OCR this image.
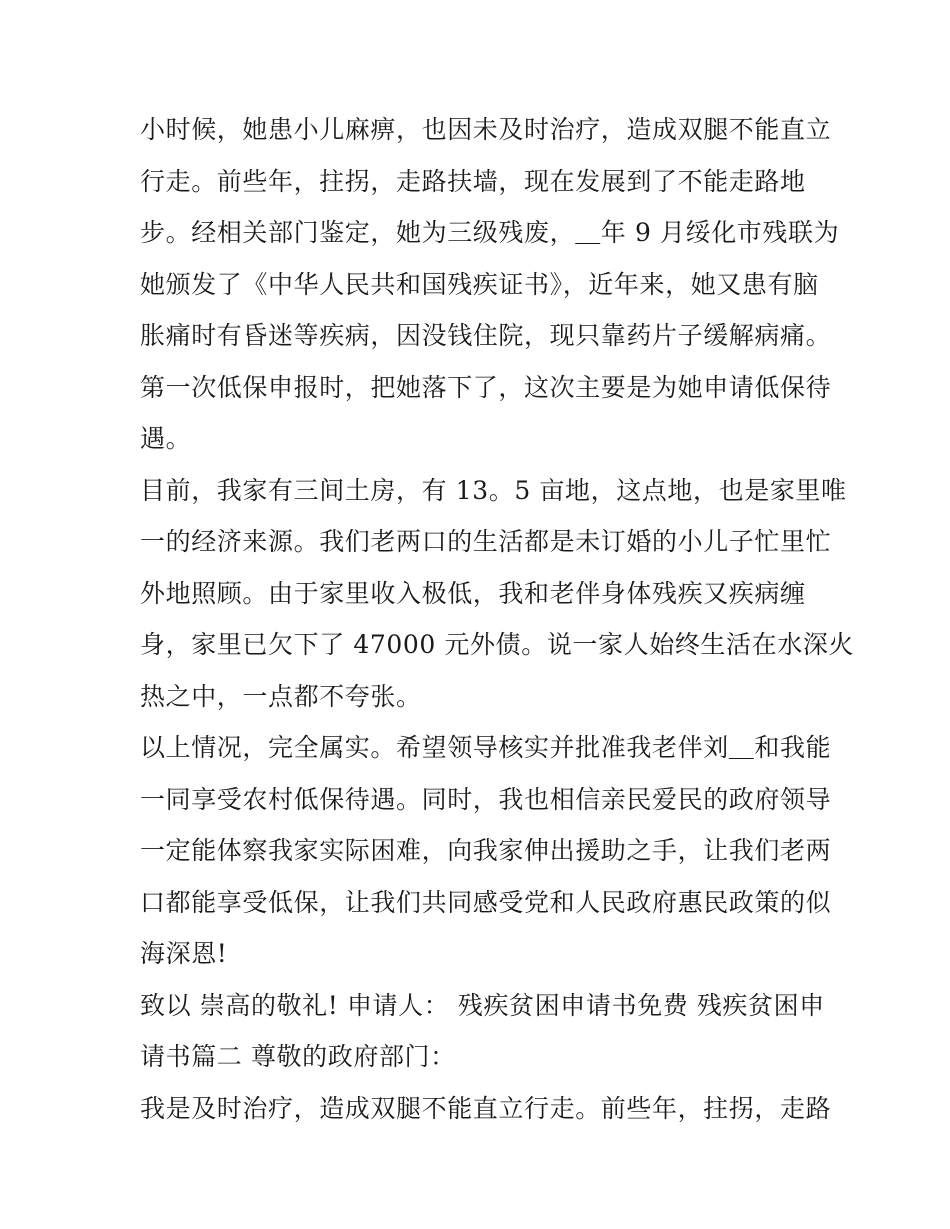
小时候，她患小儿麻痹，也因未及时治疗，造成双腿不能直立
行走。前些年，拄拐，走路扶墙，现在发展到了不能走路地
步。经相关部门鉴定，她为三级残废，＿年 9 月绥化市残联为
她颁发了《中华人民共和国残疾证书》，近年来，她又患有脑
胀痛时有昏迷等疾病，因没钱住院，现只靠药片子缓解病痛。
第一次低保申报时，把她落下了，这次主要是为她申请低保待
遇。
目前，我家有三间土房，有 13。5 亩地，这点地，也是家里唯
一的经济来源。我们老两口的生活都是未订婚的小儿子忙里忙
外地照顾。由于家里收入极低，我和老伴身体残疾又疾病缠
身，家里已欠下了 47000 元外债。说一家人始终生活在水深火
热之中，一点都不夸张。
以上情况，完全属实。希望领导核实并批准我老伴刘＿和我能
一同享受农村低保待遇。同时，我也相信亲民爱民的政府领导
一定能体察我家实际困难，向我家伸出援助之手，让我们老两
口都能享受低保，让我们共同感受党和人民政府惠民政策的似
海深恩!
致以 崇高的敬礼! 申请人： 残疾贫困申请书免费 残疾贫困申
请书篇二 尊敬的政府部门：
我是及时治疗，造成双腿不能直立行走。前些年，拄拐，走路
